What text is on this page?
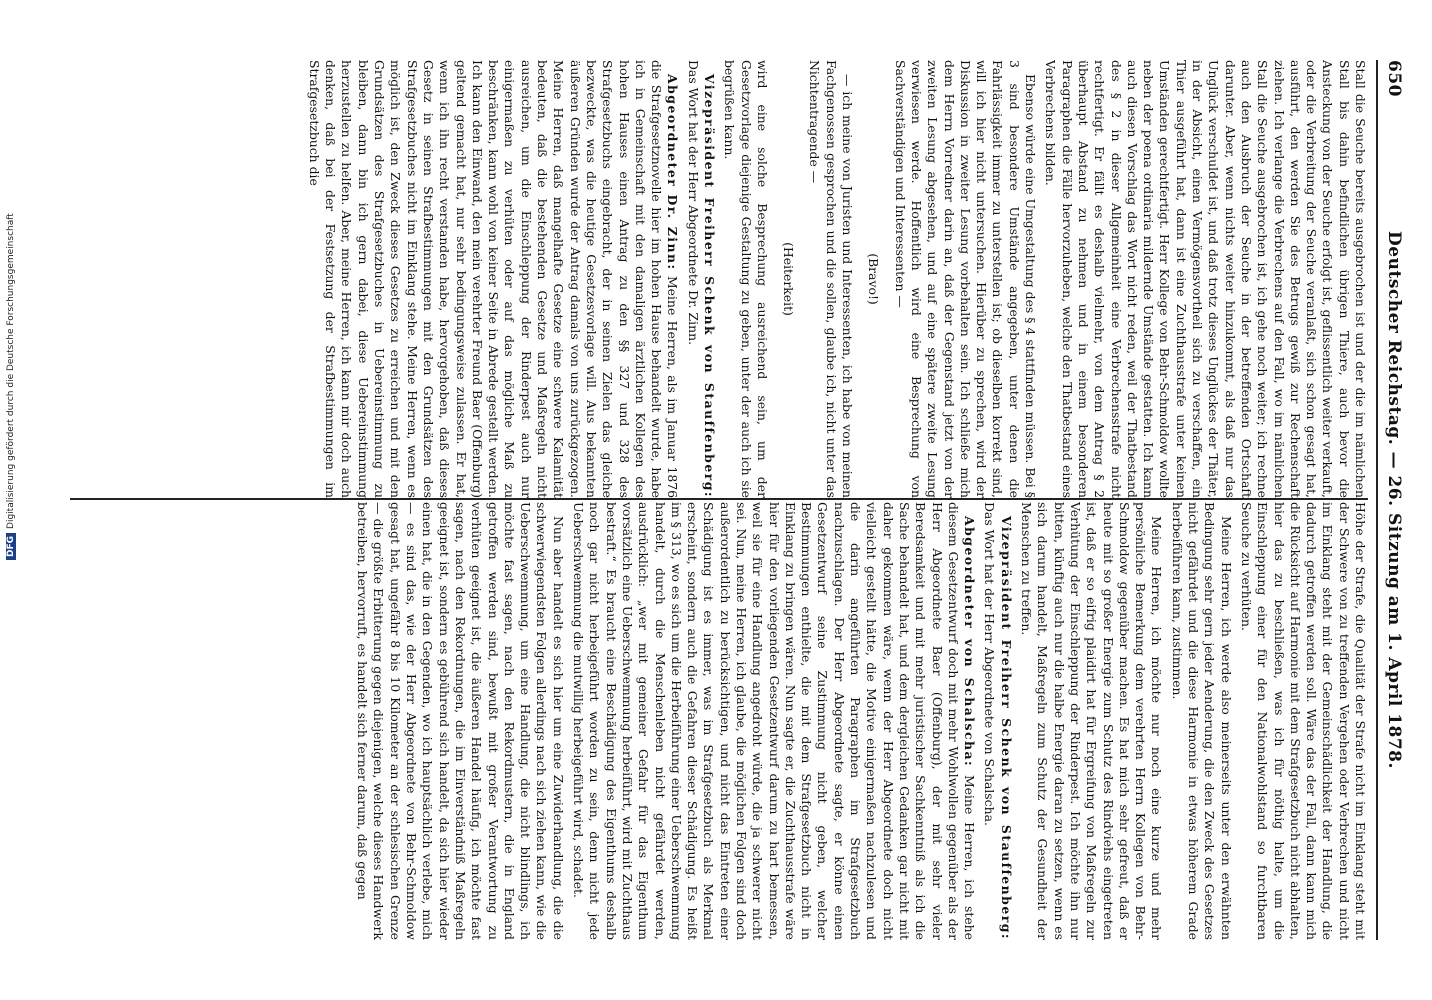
650
Deutscher Reichstag. — 26. Sitzung am 1. April 1878.

Stall die Seuche bereits ausgebrochen ist und der die im nämlichen Stall bis dahin befindlichen übrigen Thiere, auch bevor die Ansteckung von der Seuche erfolgt ist, geflissentlich weiter verkauft, oder die Verbreitung der Seuche veranlaßt, sich schon gesagt hat, ausführt, den werden Sie des Betrugs gewiß zur Rechenschaft ziehen. Ich verlange die Verbrechens auf den Fall, wo im nämlichen Stall die Seuche ausgebrochen ist, ich gehe noch weiter; ich rechne auch den Ausbruch der Seuche in der betreffenden Ortschaft darunter. Aber, wenn nichts weiter hinzukommt, als daß nur das Unglück verschuldet ist, und daß trotz dieses Unglückes der Thäter, in der Absicht, einen Vermögensvortheil sich zu verschaffen, ein Thier ausgeführt hat, dann ist eine Zuchthausstrafe unter keinen Umständen gerechtfertigt. Herr Kollege von Behr-Schmoldow wollte neben der poena ordinaria mildernde Umstände gestatten. Ich kann auch diesen Vorschlag das Wort nicht reden, weil der Thatbestand des § 2 in dieser Allgemeinheit eine Verbrechensstrafe nicht rechtfertigt. Er fällt es deshalb vielmehr, von dem Antrag § 2 überhaupt Abstand zu nehmen und in einem besonderen Paragraphen die Fälle hervorzuheben, welche den Thatbestand eines Verbrechens bilden.

Ebenso würde eine Umgestaltung des § 4 stattfinden müssen. Bei § 3 sind besondere Umstände angegeben, unter denen die Fahrlässigkeit immer zu unterstellen ist; ob dieselben korrekt sind, will ich hier nicht untersuchen. Hierüber zu sprechen, wird der Diskussion in zweiter Lesung vorbehalten sein. Ich schließe mich dem Herrn Vorredner darin an, daß der Gegenstand jetzt von der zweiten Lesung abgesehen, und auf eine spätere zweite Lesung verwiesen werde. Hoffentlich wird eine Besprechung von Sachverständigen und Interessenten —

(Bravo!)

— ich meine von Juristen und Interessenten, ich habe von meinen Fachgenossen gesprochen und die sollen, glaube ich, nicht unter das Nichtentragende —

(Heiterkeit)

wird eine solche Besprechung ausreichend sein, um der Gesetzvorlage diejenige Gestaltung zu geben, unter der auch ich sie begrüßen kann.

Vizepräsident Freiherr Schenk von Stauffenberg: Das Wort hat der Herr Abgeordnete Dr. Zinn.

Abgeordneter Dr. Zinn: Meine Herren, als im Januar 1876 die Strafgesetznovelle hier im hohen Hause behandelt wurde, habe ich in Gemeinschaft mit den damaligen ärztlichen Kollegen des hohen Hauses einen Antrag zu den §§ 327 und 328 des Strafgesetzbuchs eingebracht, der in seinen Zielen das gleiche bezweckte, was die heutige Gesetzesvorlage will. Aus bekannten äußeren Gründen wurde der Antrag damals von uns zurückgezogen. Meine Herren, daß mangelhafte Gesetze eine schwere Kalamität bedeuten, daß die bestehenden Gesetze und Maßregeln nicht ausreichen, um die Einschleppung der Rinderpest auch nur einigermaßen zu verhüten oder auf das mögliche Maß zu beschränken, kann wohl von keiner Seite in Abrede gestellt werden. Ich kann den Einwand, den mein verehrter Freund Baer (Offenburg) geltend gemacht hat, nur sehr bedingungsweise zulassen. Er hat, wenn ich ihn recht verstanden habe, hervorgehoben, daß dieses Gesetz in seinen Strafbestimmungen mit den Grundsätzen des Strafgesetzbuches nicht im Einklang stehe. Meine Herren, wenn es möglich ist, den Zweck dieses Gesetzes zu erreichen und mit den Grundsätzen des Strafgesetzbuches in Uebereinstimmung zu bleiben, dann bin ich gern dabei, diese Uebereinstimmung herzustellen zu helfen. Aber, meine Herren, ich kann mir doch auch denken, daß bei der Festsetzung der Strafbestimmungen im Strafgesetzbuch die

Höhe der Strafe, die Qualität der Strafe nicht im Einklang steht mit der Schwere von zu treffenden Vergehen oder Verbrechen und nicht im Einklang steht mit der Gemeinschädlichkeit der Handlung, die dadurch getroffen werden soll. Wäre das der Fall, dann kann mich die Rücksicht auf Harmonie mit dem Strafgesetzbuch nicht abhalten, hier das zu beschließen, was ich für nöthig halte, um die Einschleppung einer für den Nationalwohlstand so furchtbaren Seuche zu verhüten.

Meine Herren, ich werde also meinerseits unter den erwähnten Bedingung sehr gern jeder Aenderung, die den Zweck des Gesetzes nicht gefährdet und die diese Harmonie in etwas höherem Grade herbeiführen kann, zustimmen.

Meine Herren, ich möchte nur noch eine kurze und mehr persönliche Bemerkung dem verehrten Herrn Kollegen von Behr-Schmoldow gegenüber machen. Es hat mich sehr gefreut, daß er heute mit so großer Energie zum Schutz des Rindviehs eingetreten ist, daß er so eifrig plaidirt hat für Ergreifung von Maßregeln zur Verhütung der Einschleppung der Rinderpest. Ich möchte ihn nur bitten, künftig auch nur die halbe Energie daran zu setzen, wenn es sich darum handelt, Maßregeln zum Schutz der Gesundheit der Menschen zu treffen.

Vizepräsident Freiherr Schenk von Stauffenberg: Das Wort hat der Herr Abgeordnete von Schalscha.

Abgeordneter von Schalscha: Meine Herren, ich stehe diesem Gesetzentwurf doch mit mehr Wohlwollen gegenüber als der Herr Abgeordnete Baer (Offenburg), der mit sehr vieler Beredsamkeit und mit mehr juristischer Sachkenntniß als ich die Sache behandelt hat, und dem dergleichen Gedanken gar nicht mit daher gekommen wäre, wenn der Herr Abgeordnete doch nicht vielleicht gestellt hätte, die Motive einigermaßen nachzulesen und die darin angeführten Paragraphen im Strafgesetzbuch nachzuschlagen. Der Herr Abgeordnete sagte, er könne einen Gesetzentwurf seine Zustimmung nicht geben, welcher Bestimmungen enthielte, die mit dem Strafgesetzbuch nicht in Einklang zu bringen wären. Nun sagte er, die Zuchthausstrafe wäre hier für den vorliegenden Gesetzentwurf darum zu hart bemessen, weil sie für eine Handlung angedroht würde, die ja schwerer nicht sei. Nun, meine Herren, ich glaube, die möglichen Folgen sind doch außerordentlich zu berücksichtigen, und nicht das Eintreten einer Schädigung ist es immer, was im Strafgesetzbuch als Merkmal erscheint, sondern auch die Gefahren dieser Schädigung. Es heißt im § 313, wo es sich um die Herbeiführung einer Ueberschwemmung handelt, durch die Menschenleben nicht gefährdet werden, ausdrücklich: „wer mit gemeiner Gefahr für das Eigenthum vorsätzlich eine Ueberschwemmung herbeiführt, wird mit Zuchthaus bestraft.“ Es braucht eine Beschädigung des Eigenthums deshalb noch gar nicht herbeigeführt worden zu sein, denn nicht jede Ueberschwemmung die mutwillig herbeigeführt wird, schadet.

Nun aber handelt es sich hier um eine Zuwiderhandlung, die die schwerwiegendsten Folgen allerdings nach sich ziehen kann, wie die Ueberschwemmung, um eine Handlung, die nicht blindlings, ich möchte fast sagen, nach den Rekordmustern, die in England getroffen werden sind, bewußt mit großer Verantwortung zu verhüten geeignet ist, die äußeren Handel häufig, ich möchte fast sagen, nach den Rekordnungen, die im Einverständniß Maßregeln geeignet ist, sondern es gebührend sich handelt, da sich hier wieder einen hat, die in den Gegenden, wo ich hauptsächlich verlebe, mich — es sind das, wie der Herr Abgeordnete von Behr-Schmoldow gesagt hat, ungefähr 8 bis 10 Kilometer an der schlesischen Grenze — die größte Erbitterung gegen diejenigen, welche dieses Handwerk betreiben, hervorruft, es handelt sich ferner darum, daß gegen

DFGDigitalisierung gefördert durch die Deutsche Forschungsgemeinschaft
